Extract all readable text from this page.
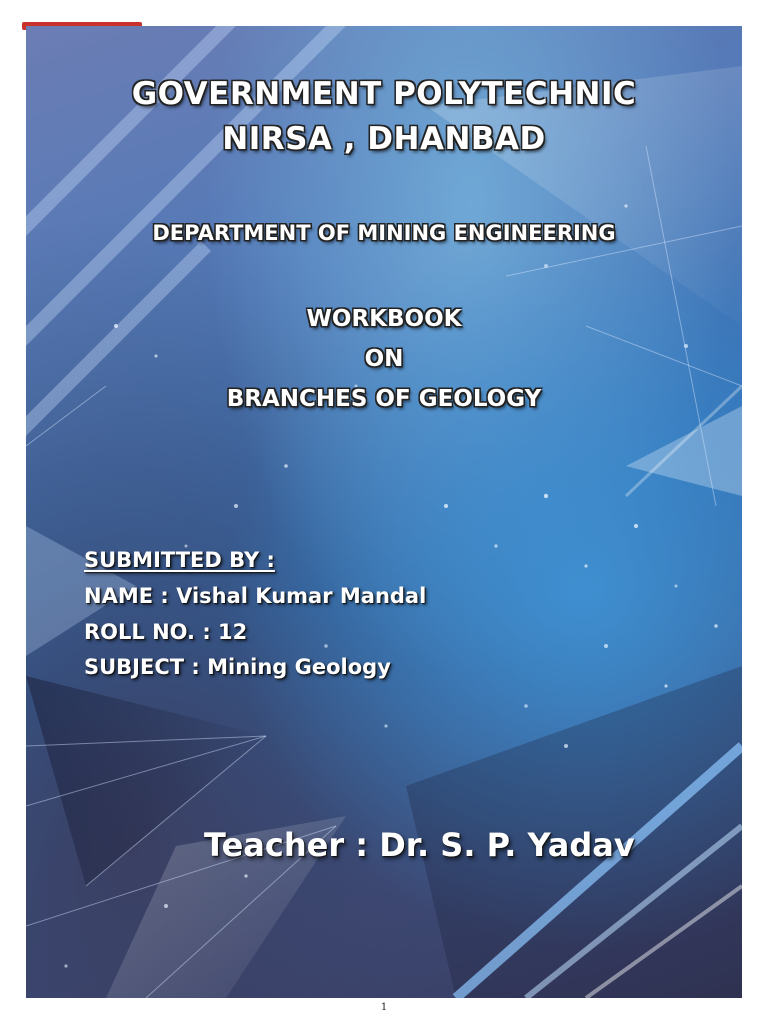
GOVERNMENT POLYTECHNIC

NIRSA , DHANBAD

DEPARTMENT OF MINING ENGINEERING

WORKBOOK

ON

BRANCHES OF GEOLOGY

SUBMITTED BY :

NAME : Vishal Kumar Mandal

ROLL NO. : 12

SUBJECT : Mining Geology

Teacher : Dr. S. P. Yadav

1
